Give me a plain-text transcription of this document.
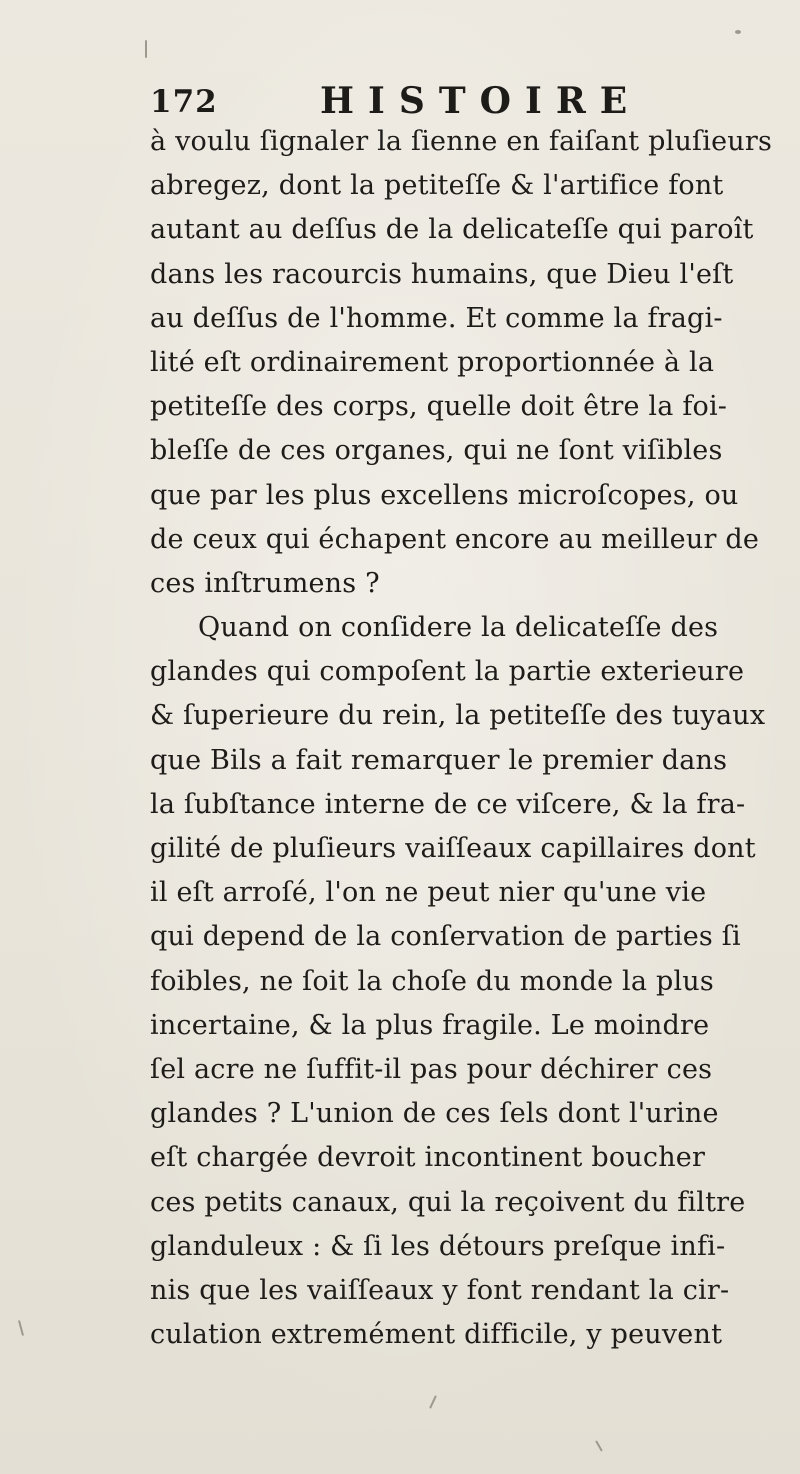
172	HISTOIRE
à voulu ſignaler la ſienne en faiſant pluſieurs
abregez, dont la petiteſſe & l'artifice font
autant au deſſus de la delicateſſe qui paroît
dans les racourcis humains, que Dieu l'eſt
au deſſus de l'homme. Et comme la fragi-
lité eſt ordinairement proportionnée à la
petiteſſe des corps, quelle doit être la foi-
bleſſe de ces organes, qui ne ſont viſibles
que par les plus excellens microſcopes, ou
de ceux qui échapent encore au meilleur de
ces inſtrumens ?
Quand on conſidere la delicateſſe des
glandes qui compoſent la partie exterieure
& ſuperieure du rein, la petiteſſe des tuyaux
que Bils a fait remarquer le premier dans
la ſubſtance interne de ce viſcere, & la fra-
gilité de pluſieurs vaiſſeaux capillaires dont
il eſt arroſé, l'on ne peut nier qu'une vie
qui depend de la conſervation de parties ſi
foibles, ne ſoit la choſe du monde la plus
incertaine, & la plus fragile. Le moindre
ſel acre ne ſuffit-il pas pour déchirer ces
glandes ? L'union de ces ſels dont l'urine
eſt chargée devroit incontinent boucher
ces petits canaux, qui la reçoivent du filtre
glanduleux : & ſi les détours preſque infi-
nis que les vaiſſeaux y font rendant la cir-
culation extremément difficile, y peuvent
